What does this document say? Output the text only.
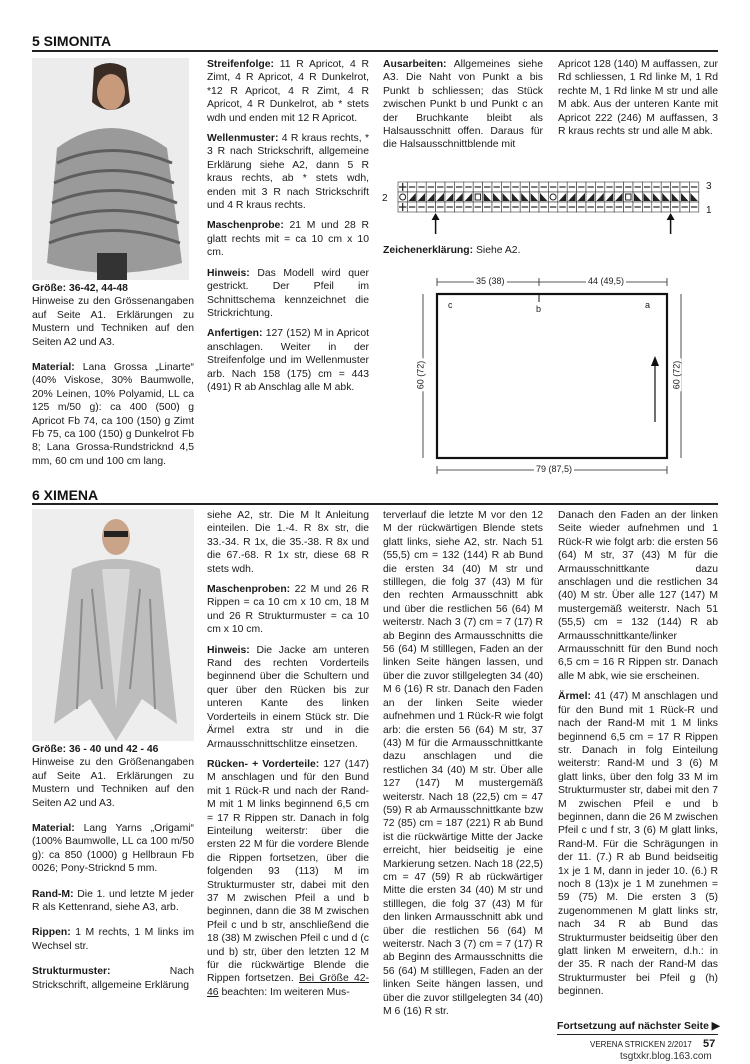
5 SIMONITA

Größe: 36-42, 44-48
Hinweise zu den Grössenangaben auf Seite A1. Erklärungen zu Mustern und Techniken auf den Seiten A2 und A3.

Material: Lana Grossa „Linarte“ (40% Viskose, 30% Baumwolle, 20% Leinen, 10% Polyamid, LL ca 125 m/50 g): ca 400 (500) g Apricot Fb 74, ca 100 (150) g Zimt Fb 75, ca 100 (150) g Dunkelrot Fb 8; Lana Grossa-Rundstricknd 4,5 mm, 60 cm und 100 cm lang.

Streifenfolge: 11 R Apricot, 4 R Zimt, 4 R Apricot, 4 R Dunkelrot, *12 R Apricot, 4 R Zimt, 4 R Apricot, 4 R Dunkelrot, ab * stets wdh und enden mit 12 R Apricot.

Wellenmuster: 4 R kraus rechts, * 3 R nach Strickschrift, allgemeine Erklärung siehe A2, dann 5 R kraus rechts, ab * stets wdh, enden mit 3 R nach Strickschrift und 4 R kraus rechts.

Maschenprobe: 21 M und 28 R glatt rechts mit = ca 10 cm x 10 cm.

Hinweis: Das Modell wird quer gestrickt. Der Pfeil im Schnittschema kennzeichnet die Strickrichtung.

Anfertigen: 127 (152) M in Apricot anschlagen. Weiter in der Streifenfolge und im Wellenmuster arb. Nach 158 (175) cm = 443 (491) R ab Anschlag alle M abk.

Ausarbeiten: Allgemeines siehe A3. Die Naht von Punkt a bis Punkt b schliessen; das Stück zwischen Punkt b und Punkt c an der Bruchkante bleibt als Halsausschnitt offen. Daraus für die Halsausschnittblende mit

Apricot 128 (140) M auffassen, zur Rd schliessen, 1 Rd linke M, 1 Rd rechte M, 1 Rd linke M str und alle M abk. Aus der unteren Kante mit Apricot 222 (246) M auffassen, 3 R kraus rechts str und alle M abk.

3
2
1
Zeichenerklärung: Siehe A2.
35 (38)	44 (49,5)
c	b	a
60 (72)	60 (72)
79 (87,5)
6 XIMENA

Größe: 36 - 40 und 42 - 46
Hinweise zu den Größenangaben auf Seite A1. Erklärungen zu Mustern und Techniken auf den Seiten A2 und A3.

Material: Lang Yarns „Origami“ (100% Baumwolle, LL ca 100 m/50 g): ca 850 (1000) g Hellbraun Fb 0026; Pony-Stricknd 5 mm.

Rand-M: Die 1. und letzte M jeder R als Kettenrand, siehe A3, arb.

Rippen: 1 M rechts, 1 M links im Wechsel str.

Strukturmuster:	Nach Strickschrift, allgemeine Erklärung

siehe A2, str. Die M lt Anleitung einteilen. Die 1.-4. R 8x str, die 33.-34. R 1x, die 35.-38. R 8x und die 67.-68. R 1x str, diese 68 R stets wdh.

Maschenproben: 22 M und 26 R Rippen = ca 10 cm x 10 cm, 18 M und 26 R Strukturmuster = ca 10 cm x 10 cm.

Hinweis: Die Jacke am unteren Rand des rechten Vorderteils beginnend über die Schultern und quer über den Rücken bis zur unteren Kante des linken Vorderteils in einem Stück str. Die Ärmel extra str und in die Armausschnittschlitze einsetzen.

Rücken- + Vorderteile: 127 (147) M anschlagen und für den Bund mit 1 Rück-R und nach der Rand-M mit 1 M links beginnend 6,5 cm = 17 R Rippen str. Danach in folg Einteilung weiterstr: über die ersten 22 M für die vordere Blende die Rippen fortsetzen, über die folgenden 93 (113) M im Strukturmuster str, dabei mit den 37 M zwischen Pfeil a und b beginnen, dann die 38 M zwischen Pfeil c und b str, anschließend die 18 (38) M zwischen Pfeil c und d (c und b) str, über den letzten 12 M für die rückwärtige Blende die Rippen fortsetzen. Bei Größe 42-46 beachten: Im weiteren Mus-

terverlauf die letzte M vor den 12 M der rückwärtigen Blende stets glatt links, siehe A2, str. Nach 51 (55,5) cm = 132 (144) R ab Bund die ersten 34 (40) M str und stilllegen, die folg 37 (43) M für den rechten Armausschnitt abk und über die restlichen 56 (64) M weiterstr. Nach 3 (7) cm = 7 (17) R ab Beginn des Armausschnitts die 56 (64) M stilllegen, Faden an der linken Seite hängen lassen, und über die zuvor stillgelegten 34 (40) M 6 (16) R str. Danach den Faden an der linken Seite wieder aufnehmen und 1 Rück-R wie folgt arb: die ersten 56 (64) M str, 37 (43) M für die Armausschnittkante dazu anschlagen und die restlichen 34 (40) M str. Über alle 127 (147) M mustergemäß weiterstr. Nach 18 (22,5) cm = 47 (59) R ab Armausschnittkante bzw 72 (85) cm = 187 (221) R ab Bund ist die rückwärtige Mitte der Jacke erreicht, hier beidseitig je eine Markierung setzen. Nach 18 (22,5) cm = 47 (59) R ab rückwärtiger Mitte die ersten 34 (40) M str und stilllegen, die folg 37 (43) M für den linken Armausschnitt abk und über die restlichen 56 (64) M weiterstr. Nach 3 (7) cm = 7 (17) R ab Beginn des Armausschnitts die 56 (64) M stilllegen, Faden an der linken Seite hängen lassen, und über die zuvor stillgelegten 34 (40) M 6 (16) R str.

Danach den Faden an der linken Seite wieder aufnehmen und 1 Rück-R wie folgt arb: die ersten 56 (64) M str, 37 (43) M für die Armausschnittkante dazu anschlagen und die restlichen 34 (40) M str. Über alle 127 (147) M mustergemäß weiterstr. Nach 51 (55,5) cm = 132 (144) R ab Armausschnittkante/linker Armausschnitt für den Bund noch 6,5 cm = 16 R Rippen str. Danach alle M abk, wie sie erscheinen.

Ärmel: 41 (47) M anschlagen und für den Bund mit 1 Rück-R und nach der Rand-M mit 1 M links beginnend 6,5 cm = 17 R Rippen str. Danach in folg Einteilung weiterstr: Rand-M und 3 (6) M glatt links, über den folg 33 M im Strukturmuster str, dabei mit den 7 M zwischen Pfeil e und b beginnen, dann die 26 M zwischen Pfeil c und f str, 3 (6) M glatt links, Rand-M. Für die Schrägungen in der 11. (7.) R ab Bund beidseitig 1x je 1 M, dann in jeder 10. (6.) R noch 8 (13)x je 1 M zunehmen = 59 (75) M. Die ersten 3 (5) zugenommenen M glatt links str, nach 34 R ab Bund das Strukturmuster beidseitig über den glatt linken M erweitern, d.h.: in der 35. R nach der Rand-M das Strukturmuster bei Pfeil g (h) beginnen.

Fortsetzung auf nächster Seite ▶
VERENA STRICKEN 2/2017 57
tsgtxkr.blog.163.com
